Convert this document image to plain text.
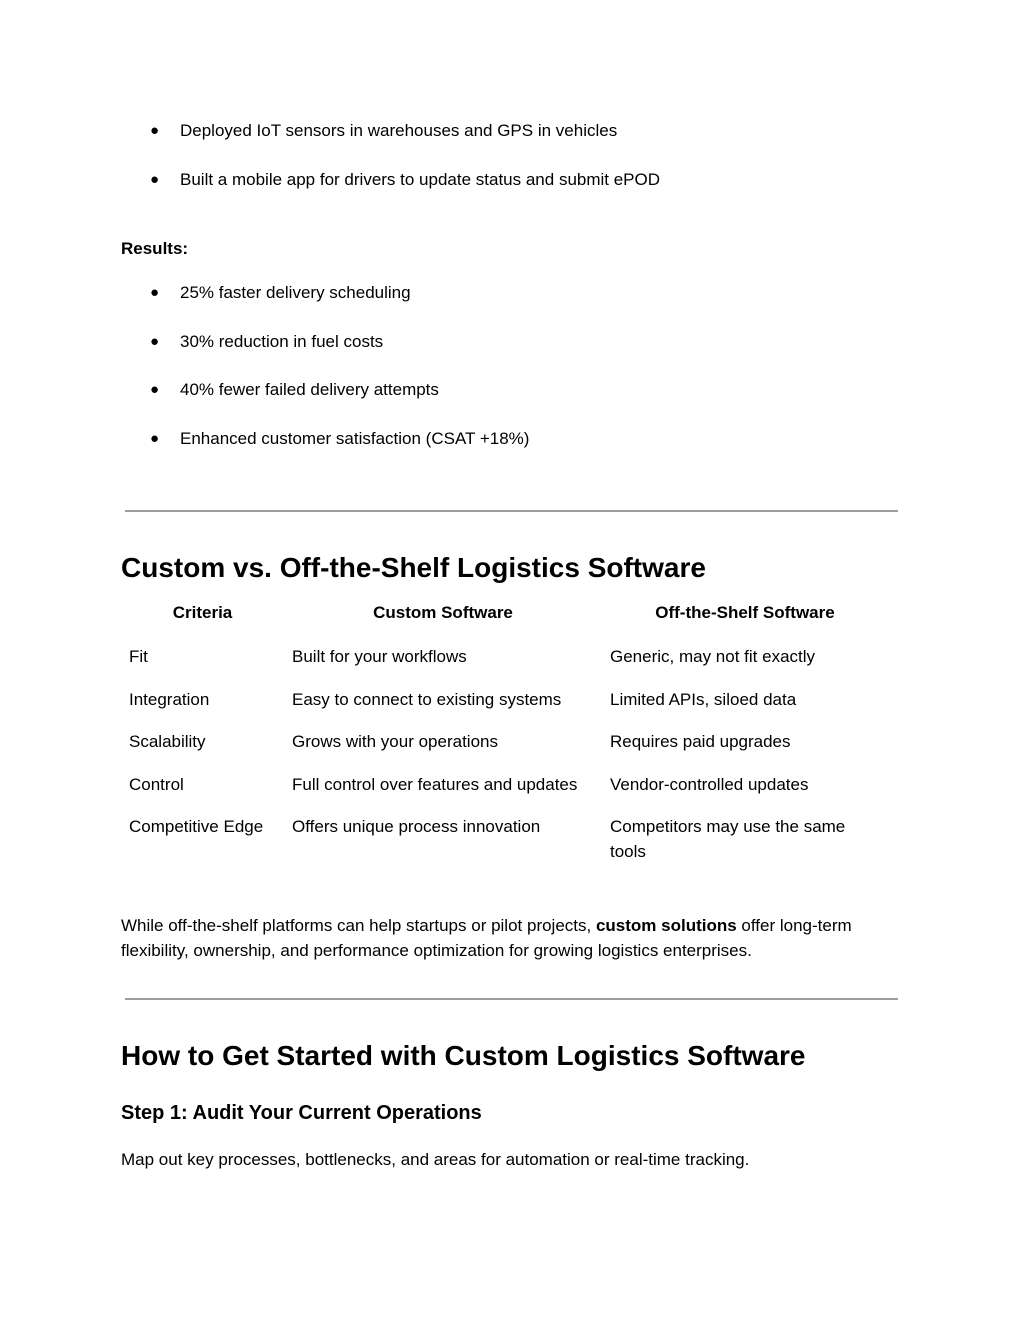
● Deployed IoT sensors in warehouses and GPS in vehicles
● Built a mobile app for drivers to update status and submit ePOD
Results:
● 25% faster delivery scheduling
● 30% reduction in fuel costs
● 40% fewer failed delivery attempts
● Enhanced customer satisfaction (CSAT +18%)
Custom vs. Off-the-Shelf Logistics Software
Criteria	Custom Software	Off-the-Shelf Software
Fit	Built for your workflows	Generic, may not fit exactly
Integration	Easy to connect to existing systems	Limited APIs, siloed data
Scalability	Grows with your operations	Requires paid upgrades
Control	Full control over features and updates	Vendor-controlled updates
Competitive Edge	Offers unique process innovation	Competitors may use the same tools

While off-the-shelf platforms can help startups or pilot projects, custom solutions offer long-term flexibility, ownership, and performance optimization for growing logistics enterprises.

How to Get Started with Custom Logistics Software
Step 1: Audit Your Current Operations

Map out key processes, bottlenecks, and areas for automation or real-time tracking.
